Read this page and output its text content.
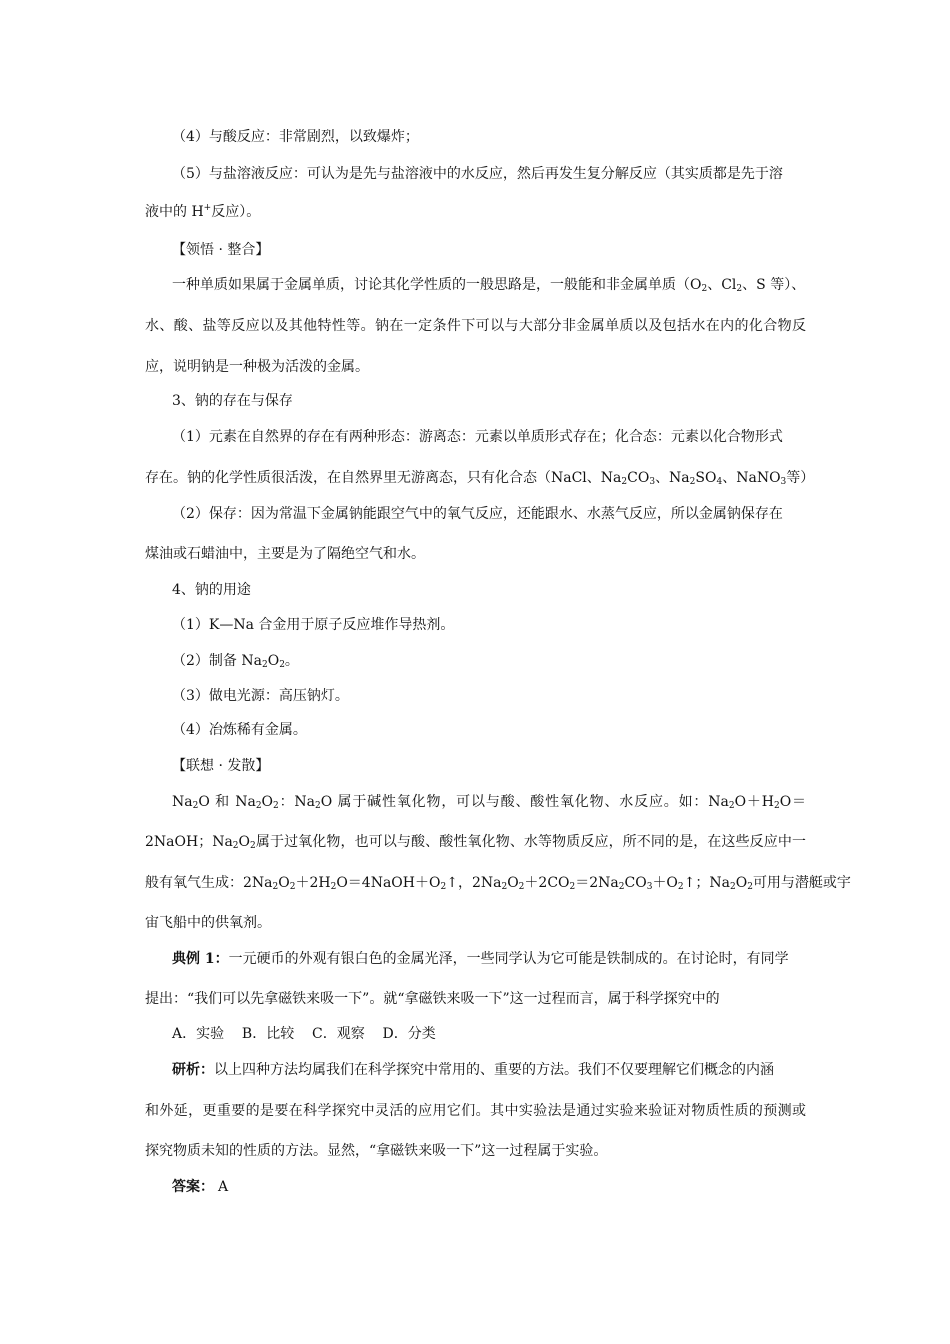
（4）与酸反应：非常剧烈，以致爆炸；
（5）与盐溶液反应：可认为是先与盐溶液中的水反应，然后再发生复分解反应（其实质都是先于溶
液中的 H+反应）。
【领悟 · 整合】
一种单质如果属于金属单质，讨论其化学性质的一般思路是，一般能和非金属单质（$O_2$、$Cl_2$、S 等）、
水、酸、盐等反应以及其他特性等。钠在一定条件下可以与大部分非金属单质以及包括水在内的化合物反
应，说明钠是一种极为活泼的金属。
3、钠的存在与保存
（1）元素在自然界的存在有两种形态：游离态：元素以单质形式存在；化合态：元素以化合物形式
存在。钠的化学性质很活泼，在自然界里无游离态，只有化合态（NaCl、$Na_2CO_3$、$Na_2SO_4$、NaNO$_3$等）
（2）保存：因为常温下金属钠能跟空气中的氧气反应，还能跟水、水蒸气反应，所以金属钠保存在
煤油或石蜡油中，主要是为了隔绝空气和水。
4、钠的用途
（1）K—Na 合金用于原子反应堆作导热剂。
（2）制备 $Na_2O_2$。
（3）做电光源：高压钠灯。
（4）冶炼稀有金属。
【联想 · 发散】
$Na_2O$ 和 $Na_2O_2$：$Na_2O$ 属于碱性氧化物，可以与酸、酸性氧化物、水反应。如：$Na_2O+H_2O=$
2NaOH；$Na_2O_2$属于过氧化物，也可以与酸、酸性氧化物、水等物质反应，所不同的是，在这些反应中一
般有氧气生成：$2Na_2O_2+2H_2O=4NaOH+O_2↑$，$2Na_2O_2+2CO_2=2Na_2CO_3+O_2↑$；$Na_2O_2$可用与潜艇或宇
宙飞船中的供氧剂。
典例 1：一元硬币的外观有银白色的金属光泽，一些同学认为它可能是铁制成的。在讨论时，有同学
提出：“我们可以先拿磁铁来吸一下”。就“拿磁铁来吸一下”这一过程而言，属于科学探究中的
A．实验    B．比较    C．观察    D．分类
研析：以上四种方法均属我们在科学探究中常用的、重要的方法。我们不仅要理解它们概念的内涵
和外延，更重要的是要在科学探究中灵活的应用它们。其中实验法是通过实验来验证对物质性质的预测或
探究物质未知的性质的方法。显然，“拿磁铁来吸一下”这一过程属于实验。
答案： A
